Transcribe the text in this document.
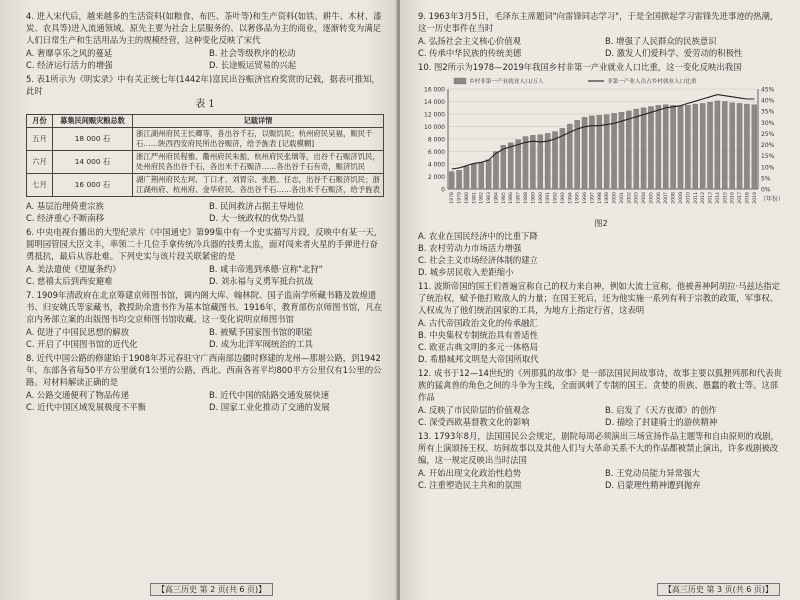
4. 进入宋代后，越来越多的生活资料(如粮食、布匹、茶叶等)和生产资料(如铁、耕牛、木材、漆炭、农具等)进入流通领域。原先主要为社会上层服务的、以奢侈品为主的商业，逐渐转变为满足人们日常生产和生活用品为主的规模经营，这种变化反映了宋代

A. 奢靡享乐之风的蔓延	B. 社会等级秩序的松动
C. 经济运行活力的增强	D. 长途贩运贸易的兴起

5. 表1所示为《明实录》中有关正统七年(1442年)富民出谷赈济官府奖赏的记载，据表可推知，此时

表 1
月份	募集民间赈灾粮总数	记载详情
五月	18 000 石	浙江湖州府民王长卿等，各出谷千石，以赈饥民；杭州府民吴福，赈民千石……陕西西安府民所出谷赈济，给予旌表 [记载模糊]
六月	14 000 石	浙江严州府民程雅、衢州府民朱振、杭州府民张瑀等，出谷千石赈济饥民，处州府民各出谷千石，各出米千石赈济……各出谷千石有奇，赈济饥民
七月	16 000 石	湖广荆州府民左珂、丁口才、刘胃宗、张胜、任志，出谷千石赈济饥民；浙江湖州府、杭州府、金华府民、各出谷千石……各出米千石赈济，给予旌表
A. 基层治理倚重宗族	B. 民间救济占据主导地位
C. 经济重心不断南移	D. 大一统政权的优势凸显

6. 中央电视台播出的大型纪录片《中国通史》第99集中有一个史实描写片段，反映中有某一天，圆明园管园大臣文丰，率领二十几位手拿传统冷兵器的技勇太监，面对闯来者火星的手弹进行奋勇抵抗，最后从容赴难。下列史实与该片段关联紧密的是

A. 美法遣使《望厦条约》	B. 咸丰帝逃到承德·宣称"北狩"
C. 慈禧太后到西安避难	D. 刘永福与义勇军抵台抗战

7. 1909年清政府在北京筹建京师图书馆，调内阁大库、翰林院、国子监南学所藏书籍及敦煌遗书、归安姚氏等家藏书，教授助余遗书作为基本馆藏图书。1916年，教育部伤京师图书馆，凡在京内务部立案的出版图书均交京师图书馆收藏。这一变化说明京师图书馆

A. 促进了中国民思想的解放	B. 被赋予国家图书馆的职能
C. 开启了中国图书馆的近代化	D. 成为北洋军阀统治的工具

8. 近代中国公路的修建始于1908年苏元春驻守广西南部边疆时修建的龙州—那堪公路，到1942年，东部各省每50平方公里就有1公里的公路，西北、西南各省平均800平方公里仅有1公里的公路。对材料解读正确的是

A. 公路交通便利了物品传递	B. 近代中国的陆路交通发展快速
C. 近代中国区域发展极度不平衡	D. 国家工业化推动了交通的发展
【高三历史 第 2 页(共 6 页)】

9. 1963年3月5日，毛泽东主席题词"向雷锋同志学习"，于是全国掀起学习雷锋先进事迹的热潮，这一历史事件在当时

A. 弘扬社会主义核心价值观	B. 增强了人民群众的民族意识
C. 传承中华民族的传统美德	D. 激发人们爱科学、爱劳动的积极性

10. 图2所示为1978—2019年我国乡村非第一产业就业人口比重，这一变化反映出我国

0
2 000
4 000
6 000
8 000
10 000
12 000
14 000
16 000
0%
5%
10%
15%
20%
25%
30%
35%
40%
45%
1978 1979 1980 1981 1982 1983 1984 1985 1986 1987 1988 1989 1990 1991 1992 1993 1994 1995 1996 1997 1998 1999 2000 2001 2002 2003 2004 2005 2006 2007 2008 2009 2010 2011 2012 2013 2014 2015 2016 2017 2018 2019 （年份）
乡村非第一产业就业人口/万人	非第一产业人员占乡村就业人口比重
图2
A. 农业在国民经济中的比重下降
B. 农村劳动力市场活力增强
C. 社会主义市场经济体制的建立
D. 城乡居民收入差距缩小

11. 波斯帝国的国王们普遍宣称自己的权力来自神，例如大流士宣称，他被善神阿胡拉·马兹达指定了统治权，赋予他打败敌人的力量；在国王死后，还为他实施一系列有利于宗教的政策，军事权、人权成为了他们统治国家的工具，为地方上指定行省，这表明

A. 古代帝国政治文化的传承融汇
B. 中央集权专制统治具有普适性
C. 欧亚古典文明的多元一体格局
D. 希腊城邦文明是大帝国所取代

12. 成书于12—14世纪的《列那狐的故事》是一部法国民间故事诗，故事主要以狐狸列那和代表贵族的猛禽兽的角色之间的斗争为主线，全面讽刺了专制的国王、贪婪的贵族、愚蠢的教士等。这部作品

A. 反映了市民阶层的价值观念	B. 启发了《天方夜谭》的创作
C. 深受西欧基督教文化的影响	D. 描绘了封建骑士的游侠精神

13. 1793年8月，法国国民公会规定，剧院每周必须演出三场宣扬作品主题等和自由原则的戏剧，所有上演颂扬王权、坊间故事以及其他人们与大革命关系不大的作品都被禁止演出，许多戏剧被改编，这一规定反映出当时法国

A. 开始出现文化政治性趋势	B. 王党动员能力异常强大
C. 注重塑造民主共和的氛围	D. 启蒙理性精神遭到抛弃
【高三历史 第 3 页(共 6 页)】
